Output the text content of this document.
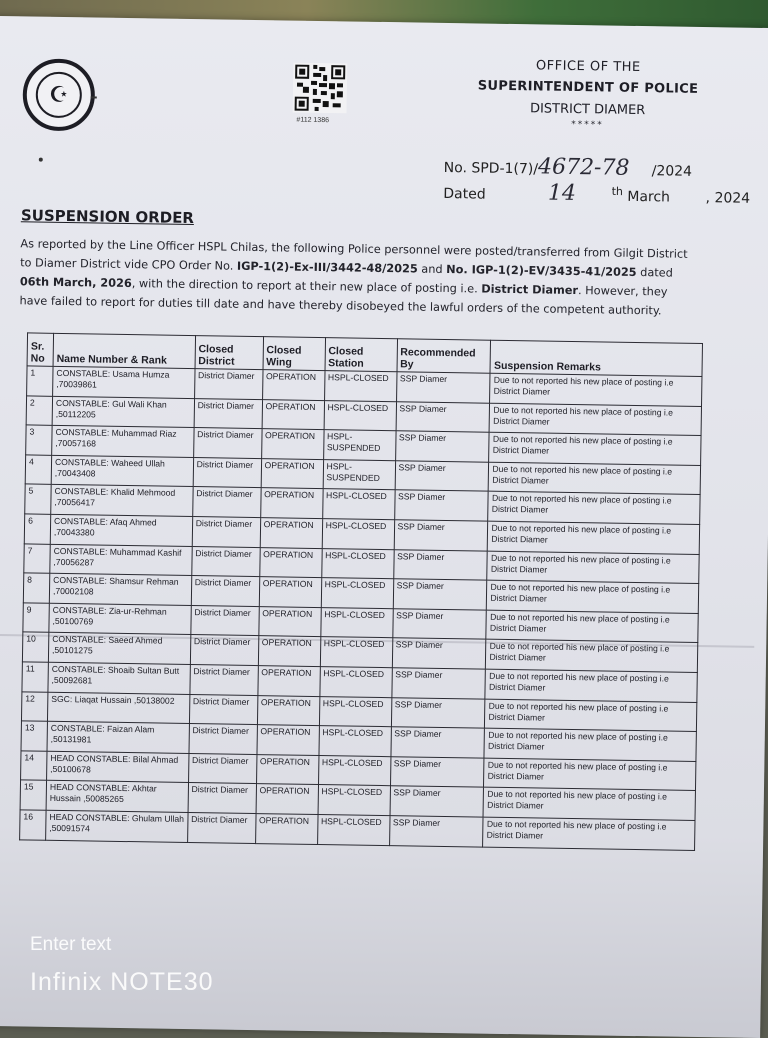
☪
#112 1386
OFFICE OF THE
SUPERINTENDENT OF POLICE
DISTRICT DIAMER
*****
No. SPD-1(7)/4672-78 /2024
Dated	14	$^{th}$ March	, 2024
SUSPENSION ORDER
As reported by the Line Officer HSPL Chilas, the following Police personnel were posted/transferred from Gilgit District to Diamer District vide CPO Order No. IGP-1(2)-Ex-III/3442-48/2025 and No. IGP-1(2)-EV/3435-41/2025 dated 06th March, 2026, with the direction to report at their new place of posting i.e. District Diamer. However, they have failed to report for duties till date and have thereby disobeyed the lawful orders of the competent authority.
Sr. No	Name Number & Rank	Closed District	Closed Wing	Closed Station	Recommended By	Suspension Remarks
1	CONSTABLE: Usama Humza ,70039861	District Diamer	OPERATION	HSPL-CLOSED	SSP Diamer	Due to not reported his new place of posting i.e District Diamer
2	CONSTABLE: Gul Wali Khan ,50112205	District Diamer	OPERATION	HSPL-CLOSED	SSP Diamer	Due to not reported his new place of posting i.e District Diamer
3	CONSTABLE: Muhammad Riaz ,70057168	District Diamer	OPERATION	HSPL-SUSPENDED	SSP Diamer	Due to not reported his new place of posting i.e District Diamer
4	CONSTABLE: Waheed Ullah ,70043408	District Diamer	OPERATION	HSPL-SUSPENDED	SSP Diamer	Due to not reported his new place of posting i.e District Diamer
5	CONSTABLE: Khalid Mehmood ,70056417	District Diamer	OPERATION	HSPL-CLOSED	SSP Diamer	Due to not reported his new place of posting i.e District Diamer
6	CONSTABLE: Afaq Ahmed ,70043380	District Diamer	OPERATION	HSPL-CLOSED	SSP Diamer	Due to not reported his new place of posting i.e District Diamer
7	CONSTABLE: Muhammad Kashif ,70056287	District Diamer	OPERATION	HSPL-CLOSED	SSP Diamer	Due to not reported his new place of posting i.e District Diamer
8	CONSTABLE: Shamsur Rehman ,70002108	District Diamer	OPERATION	HSPL-CLOSED	SSP Diamer	Due to not reported his new place of posting i.e District Diamer
9	CONSTABLE: Zia-ur-Rehman ,50100769	District Diamer	OPERATION	HSPL-CLOSED	SSP Diamer	Due to not reported his new place of posting i.e District Diamer
10	CONSTABLE: Saeed Ahmed ,50101275	District Diamer	OPERATION	HSPL-CLOSED	SSP Diamer	Due to not reported his new place of posting i.e District Diamer
11	CONSTABLE: Shoaib Sultan Butt ,50092681	District Diamer	OPERATION	HSPL-CLOSED	SSP Diamer	Due to not reported his new place of posting i.e District Diamer
12	SGC: Liaqat Hussain ,50138002	District Diamer	OPERATION	HSPL-CLOSED	SSP Diamer	Due to not reported his new place of posting i.e District Diamer
13	CONSTABLE: Faizan Alam ,50131981	District Diamer	OPERATION	HSPL-CLOSED	SSP Diamer	Due to not reported his new place of posting i.e District Diamer
14	HEAD CONSTABLE: Bilal Ahmad ,50100678	District Diamer	OPERATION	HSPL-CLOSED	SSP Diamer	Due to not reported his new place of posting i.e District Diamer
15	HEAD CONSTABLE: Akhtar Hussain ,50085265	District Diamer	OPERATION	HSPL-CLOSED	SSP Diamer	Due to not reported his new place of posting i.e District Diamer
16	HEAD CONSTABLE: Ghulam Ullah ,50091574	District Diamer	OPERATION	HSPL-CLOSED	SSP Diamer	Due to not reported his new place of posting i.e District Diamer
Enter text
Infinix NOTE30
